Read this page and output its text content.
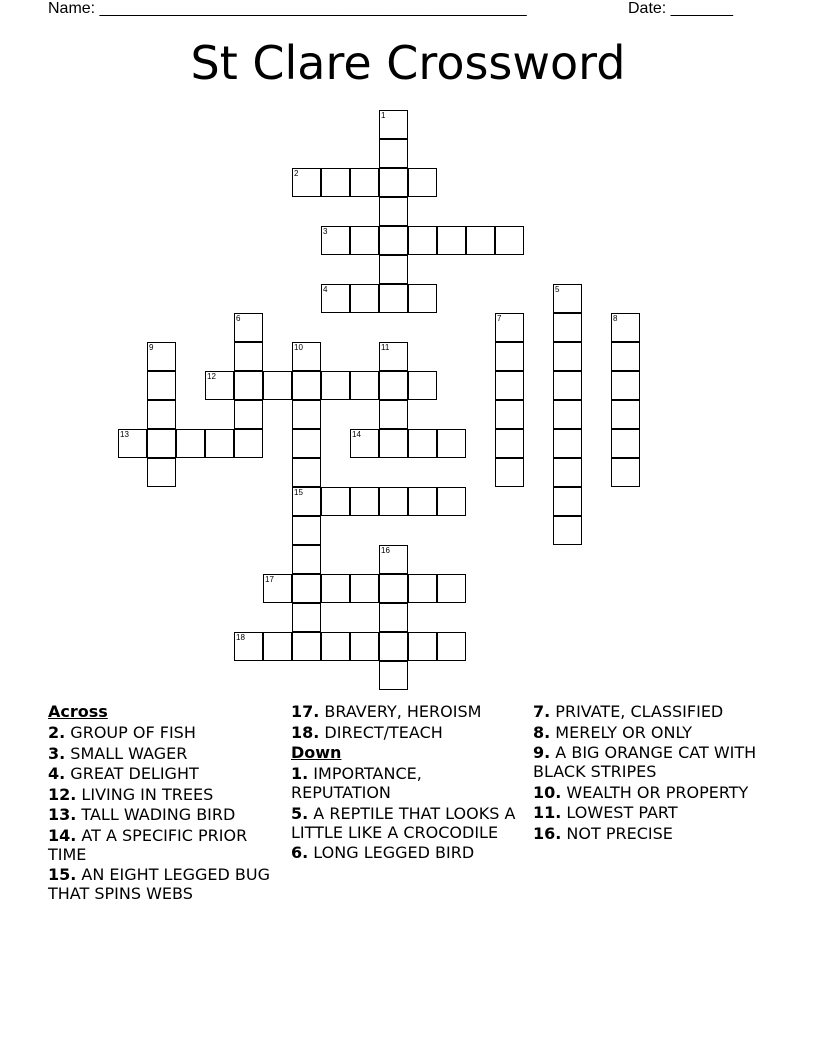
Name: ________________________________________________	Date: _______
St Clare Crossword
1
2
3
4	5
6	7	8
9	10	11
12
13	14
15
16
17
18
Across
2. GROUP OF FISH
3. SMALL WAGER
4. GREAT DELIGHT
12. LIVING IN TREES
13. TALL WADING BIRD
14. AT A SPECIFIC PRIOR TIME
15. AN EIGHT LEGGED BUG THAT SPINS WEBS
17. BRAVERY, HEROISM
18. DIRECT/TEACH
Down
1. IMPORTANCE, REPUTATION
5. A REPTILE THAT LOOKS A LITTLE LIKE A CROCODILE
6. LONG LEGGED BIRD
7. PRIVATE, CLASSIFIED
8. MERELY OR ONLY
9. A BIG ORANGE CAT WITH BLACK STRIPES
10. WEALTH OR PROPERTY
11. LOWEST PART
16. NOT PRECISE
